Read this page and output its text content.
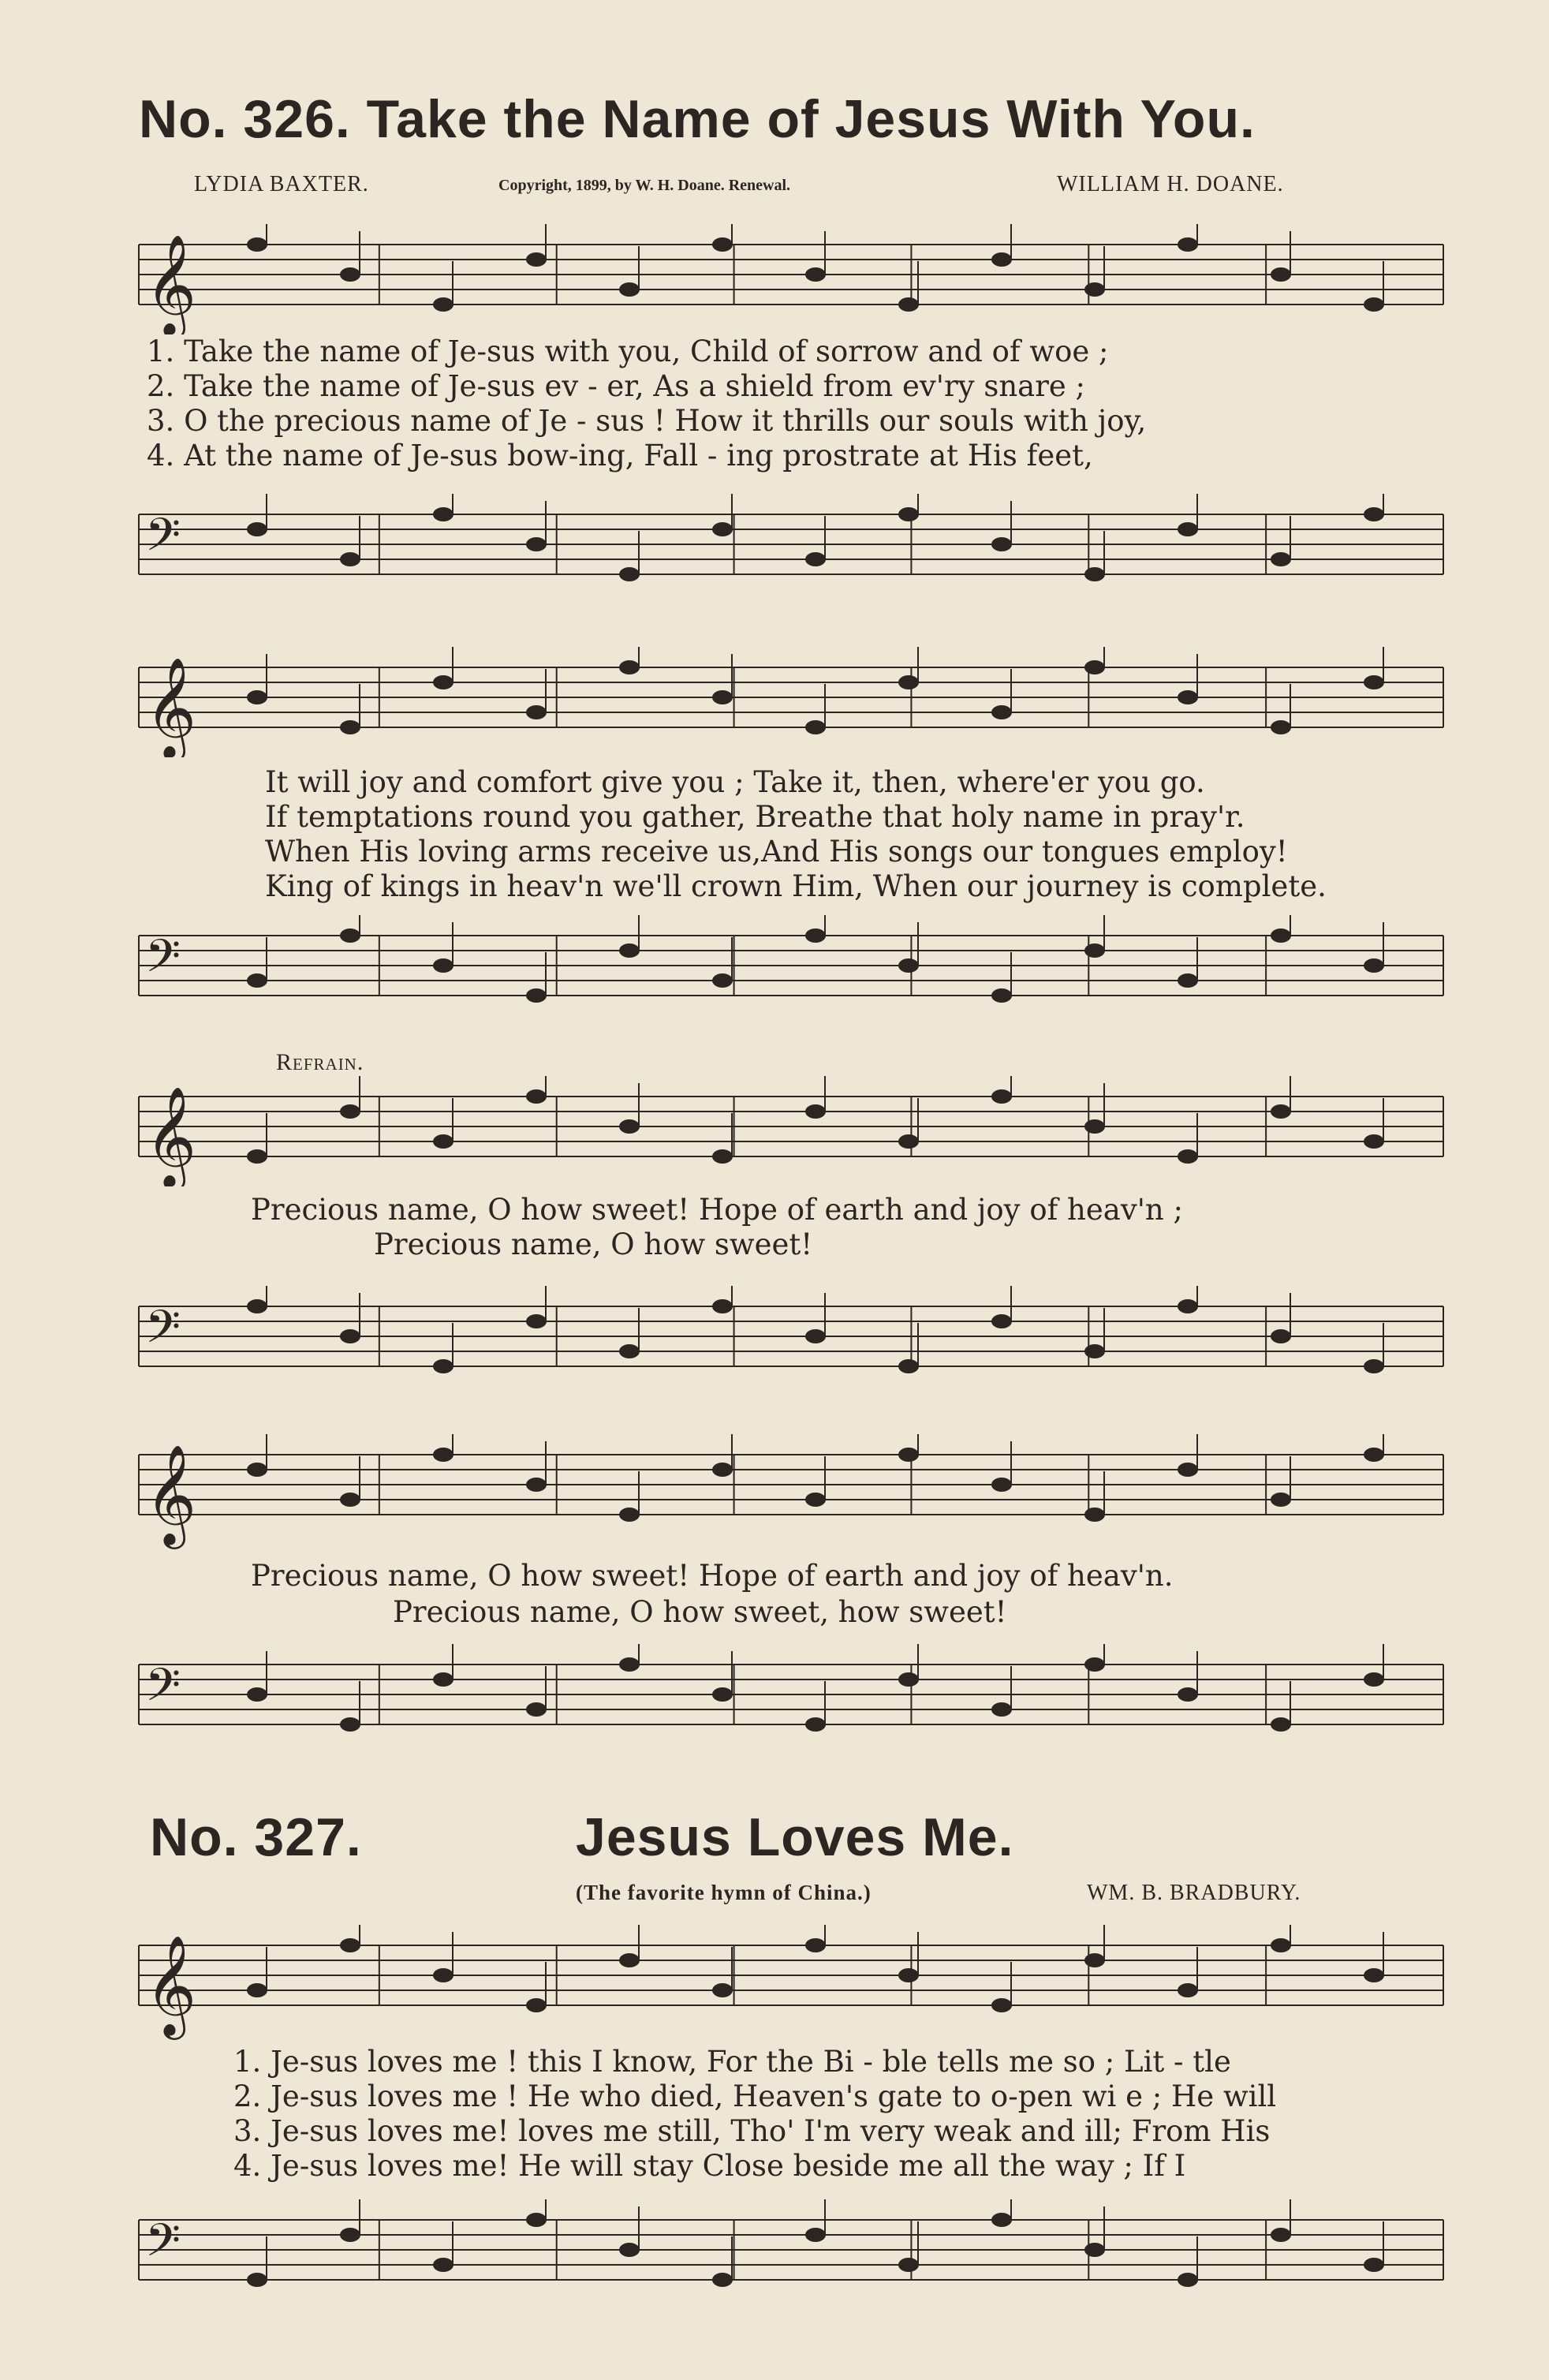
No. 326. Take the Name of Jesus With You.
LYDIA BAXTER.	Copyright, 1899, by W. H. Doane. Renewal.	WILLIAM H. DOANE.
𝄞
1. Take the name of Je-sus with you, Child of sorrow and of woe ;
2. Take the name of Je-sus ev - er, As a shield from ev'ry snare ;
3. O the precious name of Je - sus ! How it thrills our souls with joy,
4. At the name of Je-sus bow-ing, Fall - ing prostrate at His feet,
𝄢
𝄞
It will joy and comfort give you ; Take it, then, where'er you go.
If temptations round you gather, Breathe that holy name in pray'r.
When His loving arms receive us,And His songs our tongues employ!
King of kings in heav'n we'll crown Him, When our journey is complete.
𝄢
Refrain.
𝄞
Precious name, O how sweet! Hope of earth and joy of heav'n ;
Precious name, O how sweet!
𝄢
𝄞
Precious name, O how sweet! Hope of earth and joy of heav'n.
Precious name, O how sweet, how sweet!
𝄢
No. 327.	Jesus Loves Me.
(The favorite hymn of China.)	WM. B. BRADBURY.
𝄞
1. Je-sus loves me ! this I know, For the Bi - ble tells me so ; Lit - tle
2. Je-sus loves me ! He who died, Heaven's gate to o-pen wi e ; He will
3. Je-sus loves me! loves me still, Tho' I'm very weak and ill; From His
4. Je-sus loves me! He will stay Close beside me all the way ; If I
𝄢
